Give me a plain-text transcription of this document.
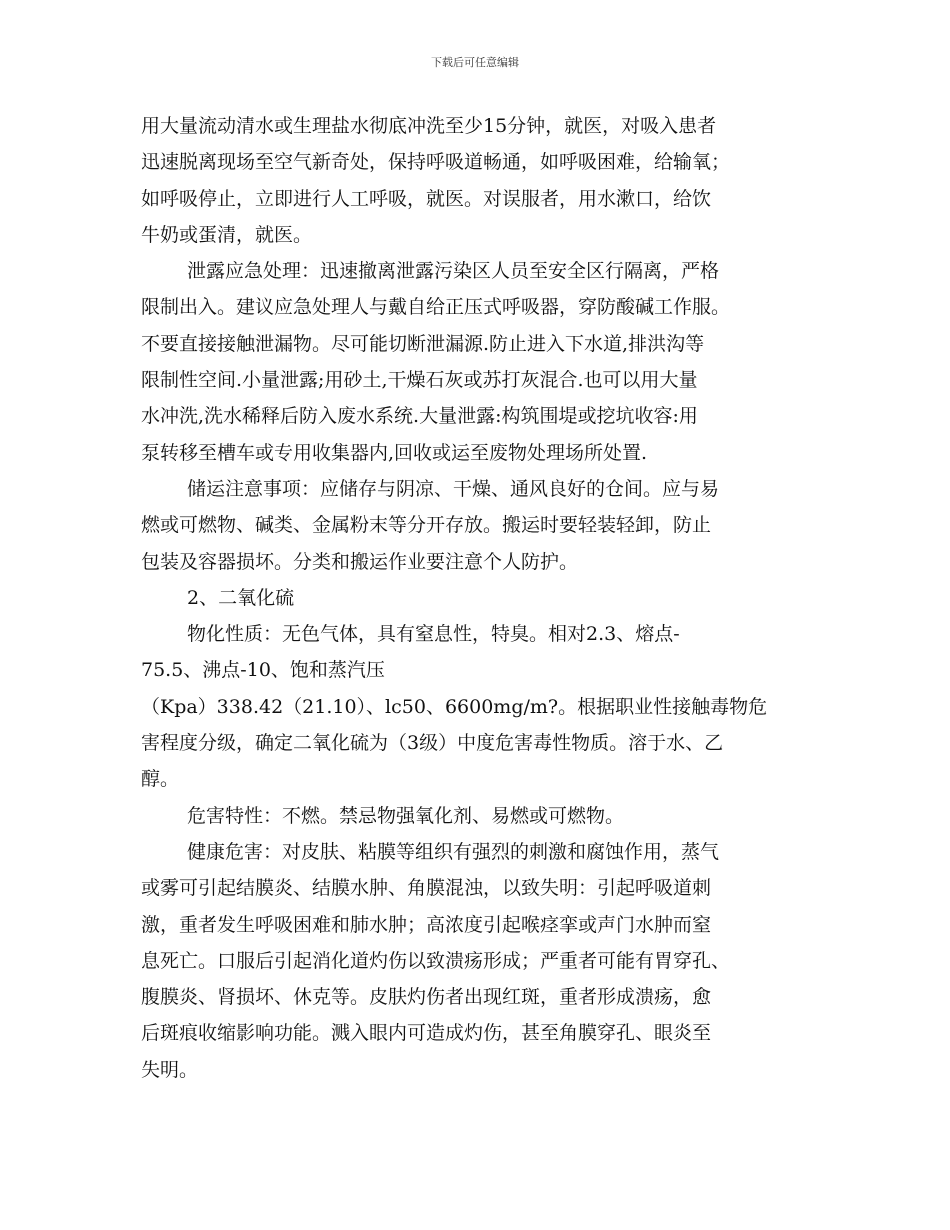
下载后可任意编辑
用大量流动清水或生理盐水彻底冲洗至少15分钟，就医，对吸入患者
迅速脱离现场至空气新奇处，保持呼吸道畅通，如呼吸困难，给输氧；
如呼吸停止，立即进行人工呼吸，就医。对误服者，用水漱口，给饮
牛奶或蛋清，就医。
泄露应急处理：迅速撤离泄露污染区人员至安全区行隔离，严格
限制出入。建议应急处理人与戴自给正压式呼吸器，穿防酸碱工作服。
不要直接接触泄漏物。尽可能切断泄漏源.防止进入下水道,排洪沟等
限制性空间.小量泄露;用砂土,干燥石灰或苏打灰混合.也可以用大量
水冲洗,洗水稀释后防入废水系统.大量泄露:构筑围堤或挖坑收容:用
泵转移至槽车或专用收集器内,回收或运至废物处理场所处置.
储运注意事项：应储存与阴凉、干燥、通风良好的仓间。应与易
燃或可燃物、碱类、金属粉末等分开存放。搬运时要轻装轻卸，防止
包装及容器损坏。分类和搬运作业要注意个人防护。
2、二氧化硫
物化性质：无色气体，具有窒息性，特臭。相对2.3、熔点-
75.5、沸点-10、饱和蒸汽压
（Kpa）338.42（21.10）、lc50、6600mg/m?。根据职业性接触毒物危
害程度分级，确定二氧化硫为（3级）中度危害毒性物质。溶于水、乙
醇。
危害特性：不燃。禁忌物强氧化剂、易燃或可燃物。
健康危害：对皮肤、粘膜等组织有强烈的刺激和腐蚀作用，蒸气
或雾可引起结膜炎、结膜水肿、角膜混浊，以致失明：引起呼吸道刺
激，重者发生呼吸困难和肺水肿；高浓度引起喉痉挛或声门水肿而窒
息死亡。口服后引起消化道灼伤以致溃疡形成；严重者可能有胃穿孔、
腹膜炎、肾损坏、休克等。皮肤灼伤者出现红斑，重者形成溃疡，愈
后斑痕收缩影响功能。溅入眼内可造成灼伤，甚至角膜穿孔、眼炎至
失明。
